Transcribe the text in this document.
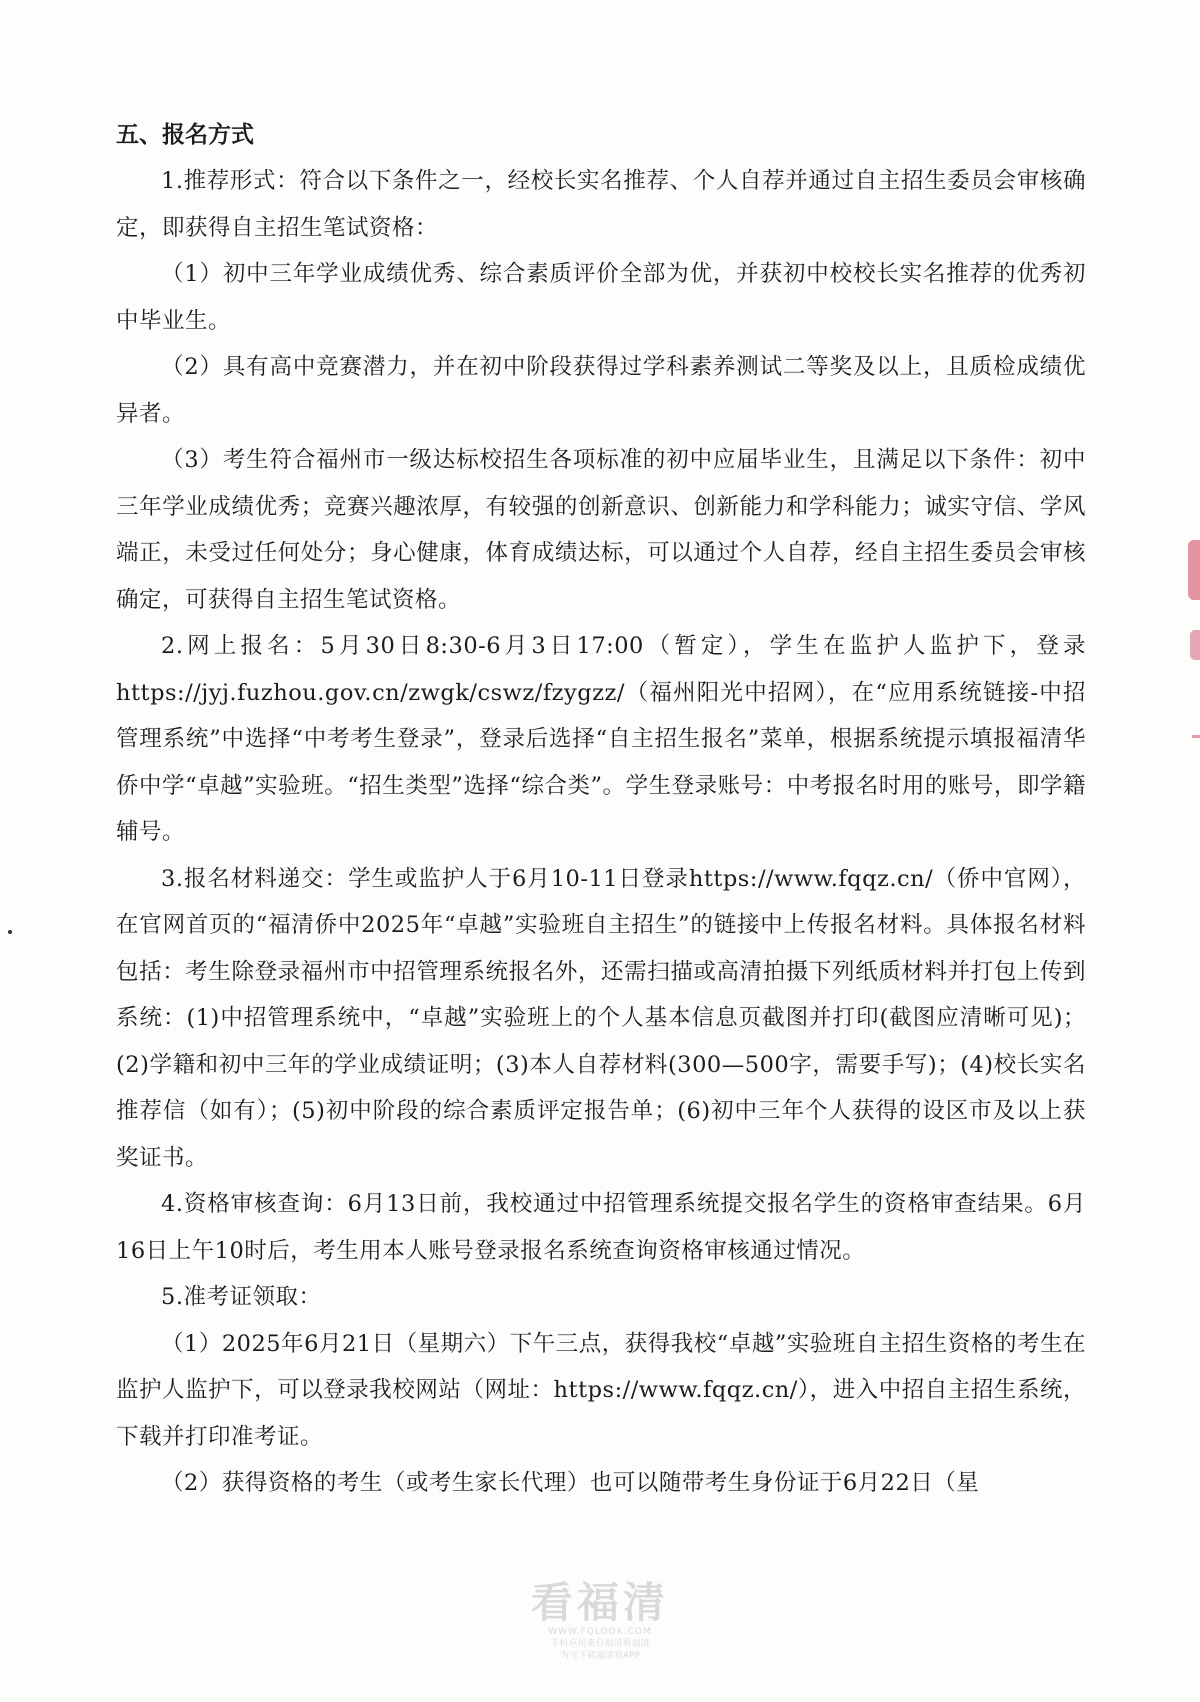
五、报名方式

1.推荐形式：符合以下条件之一，经校长实名推荐、个人自荐并通过自主招生委员会审核确定，即获得自主招生笔试资格：

（1）初中三年学业成绩优秀、综合素质评价全部为优，并获初中校校长实名推荐的优秀初中毕业生。

（2）具有高中竞赛潜力，并在初中阶段获得过学科素养测试二等奖及以上，且质检成绩优异者。

（3）考生符合福州市一级达标校招生各项标准的初中应届毕业生，且满足以下条件：初中三年学业成绩优秀；竞赛兴趣浓厚，有较强的创新意识、创新能力和学科能力；诚实守信、学风端正，未受过任何处分；身心健康，体育成绩达标，可以通过个人自荐，经自主招生委员会审核确定，可获得自主招生笔试资格。

2.网上报名：5月30日8:30-6月3日17:00（暂定），学生在监护人监护下，登录https://jyj.fuzhou.gov.cn/zwgk/cswz/fzygzz/（福州阳光中招网），在“应用系统链接-中招管理系统”中选择“中考考生登录”，登录后选择“自主招生报名”菜单，根据系统提示填报福清华侨中学“卓越”实验班。“招生类型”选择“综合类”。学生登录账号：中考报名时用的账号，即学籍辅号。

3.报名材料递交：学生或监护人于6月10-11日登录https://www.fqqz.cn/（侨中官网），在官网首页的“福清侨中2025年“卓越”实验班自主招生”的链接中上传报名材料。具体报名材料包括：考生除登录福州市中招管理系统报名外，还需扫描或高清拍摄下列纸质材料并打包上传到系统：(1)中招管理系统中，“卓越”实验班上的个人基本信息页截图并打印(截图应清晰可见)；(2)学籍和初中三年的学业成绩证明；(3)本人自荐材料(300—500字，需要手写)；(4)校长实名推荐信（如有）；(5)初中阶段的综合素质评定报告单；(6)初中三年个人获得的设区市及以上获奖证书。

4.资格审核查询：6月13日前，我校通过中招管理系统提交报名学生的资格审查结果。6月16日上午10时后，考生用本人账号登录报名系统查询资格审核通过情况。

5.准考证领取：

（1）2025年6月21日（星期六）下午三点，获得我校“卓越”实验班自主招生资格的考生在监护人监护下，可以登录我校网站（网址：https://www.fqqz.cn/），进入中招自主招生系统，下载并打印准考证。

（2）获得资格的考生（或考生家长代理）也可以随带考生身份证于6月22日（星

看福清
WWW.FQLOOK.COM
手机应用来自福清看福清
为可下载福清看APP
